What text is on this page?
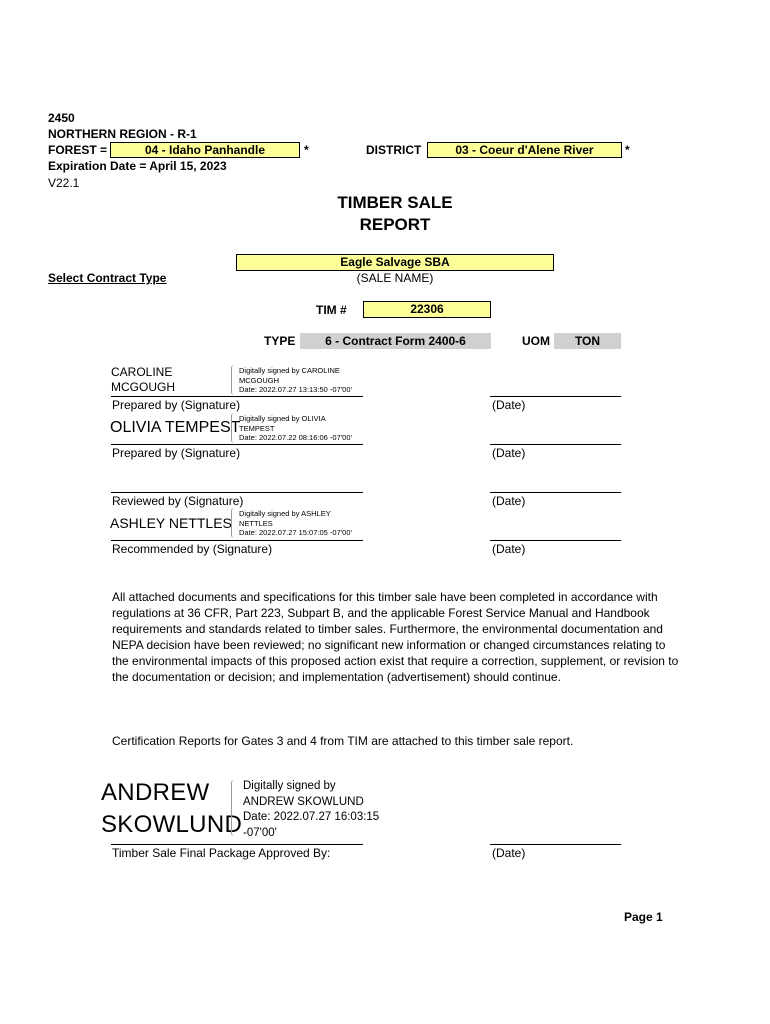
2450
NORTHERN REGION - R-1
FOREST =	04 - Idaho Panhandle	*	DISTRICT	03 - Coeur d'Alene River	*
Expiration Date = April 15, 2023
V22.1
TIMBER SALE
REPORT
Eagle Salvage SBA
(SALE NAME)
Select Contract Type
TIM #	22306
TYPE	6 - Contract Form 2400-6	UOM	TON
CAROLINE
MCGOUGH
Digitally signed by CAROLINE
MCGOUGH
Date: 2022.07.27 13:13:50 -07'00'
Prepared by (Signature)	(Date)
OLIVIA TEMPEST
Digitally signed by OLIVIA
TEMPEST
Date: 2022.07.22 08:16:06 -07'00'
Prepared by (Signature)	(Date)
Reviewed by (Signature)	(Date)
ASHLEY NETTLES
Digitally signed by ASHLEY
NETTLES
Date: 2022.07.27 15:07:05 -07'00'
Recommended by (Signature)	(Date)
All attached documents and specifications for this timber sale have been completed in accordance with regulations at 36 CFR, Part 223, Subpart B, and the applicable Forest Service Manual and Handbook requirements and standards related to timber sales. Furthermore, the environmental documentation and NEPA decision have been reviewed; no significant new information or changed circumstances relating to the environmental impacts of this proposed action exist that require a correction, supplement, or revision to the documentation or decision; and implementation (advertisement) should continue.
Certification Reports for Gates 3 and 4 from TIM are attached to this timber sale report.
ANDREW
SKOWLUND
Digitally signed by
ANDREW SKOWLUND
Date: 2022.07.27 16:03:15
-07'00'
Timber Sale Final Package Approved By:	(Date)
Page 1
